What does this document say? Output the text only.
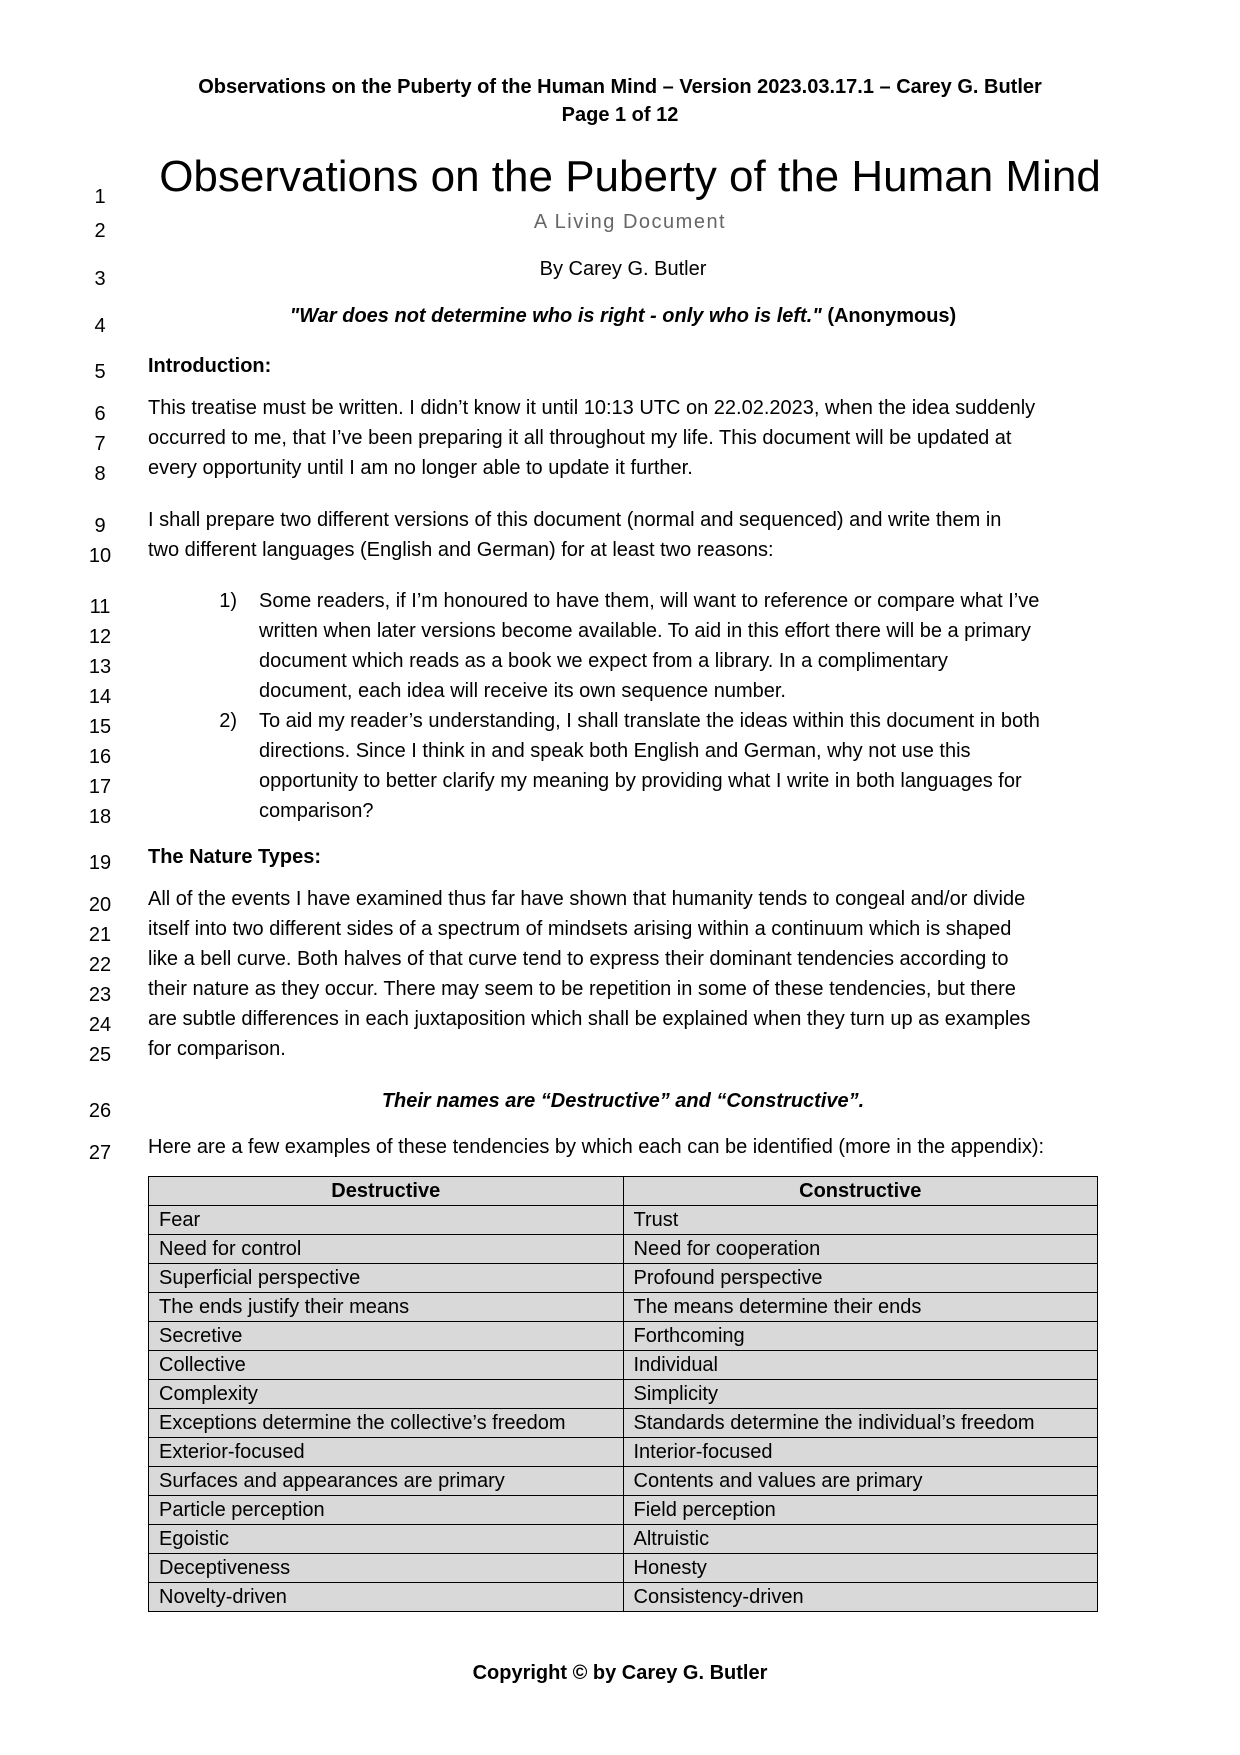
Observations on the Puberty of the Human Mind – Version 2023.03.17.1 – Carey G. Butler
Page 1 of 12
1
2
3
4
5
6
7
8
9
10
11
12
13
14
15
16
17
18
19
20
21
22
23
24
25
26
27
Observations on the Puberty of the Human Mind
A Living Document
By Carey G. Butler
"War does not determine who is right - only who is left." (Anonymous)
Introduction:
This treatise must be written. I didn’t know it until 10:13 UTC on 22.02.2023, when the idea suddenly
occurred to me, that I’ve been preparing it all throughout my life. This document will be updated at
every opportunity until I am no longer able to update it further.
I shall prepare two different versions of this document (normal and sequenced) and write them in
two different languages (English and German) for at least two reasons:
1) Some readers, if I’m honoured to have them, will want to reference or compare what I’ve
written when later versions become available. To aid in this effort there will be a primary
document which reads as a book we expect from a library. In a complimentary
document, each idea will receive its own sequence number.
2) To aid my reader’s understanding, I shall translate the ideas within this document in both
directions. Since I think in and speak both English and German, why not use this
opportunity to better clarify my meaning by providing what I write in both languages for
comparison?
The Nature Types:
All of the events I have examined thus far have shown that humanity tends to congeal and/or divide
itself into two different sides of a spectrum of mindsets arising within a continuum which is shaped
like a bell curve. Both halves of that curve tend to express their dominant tendencies according to
their nature as they occur. There may seem to be repetition in some of these tendencies, but there
are subtle differences in each juxtaposition which shall be explained when they turn up as examples
for comparison.
Their names are “Destructive” and “Constructive”.
Here are a few examples of these tendencies by which each can be identified (more in the appendix):
Destructive	Constructive
Fear	Trust
Need for control	Need for cooperation
Superficial perspective	Profound perspective
The ends justify their means	The means determine their ends
Secretive	Forthcoming
Collective	Individual
Complexity	Simplicity
Exceptions determine the collective’s freedom	Standards determine the individual’s freedom
Exterior-focused	Interior-focused
Surfaces and appearances are primary	Contents and values are primary
Particle perception	Field perception
Egoistic	Altruistic
Deceptiveness	Honesty
Novelty-driven	Consistency-driven
Copyright © by Carey G. Butler
